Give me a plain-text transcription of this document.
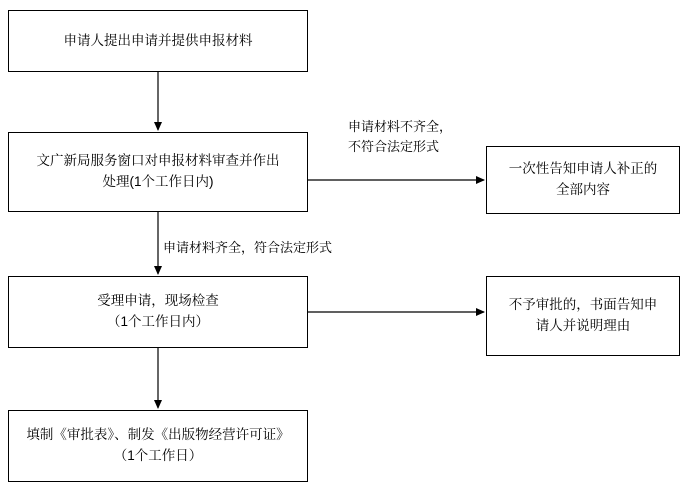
申请人提出申请并提供申报材料
文广新局服务窗口对申报材料审查并作出
处理(1个工作日内)
一次性告知申请人补正的
全部内容
受理申请，现场检查
（1个工作日内）
不予审批的，书面告知申
请人并说明理由
填制《审批表》、制发《出版物经营许可证》
（1个工作日）
申请材料不齐全，
不符合法定形式
申请材料齐全，符合法定形式
